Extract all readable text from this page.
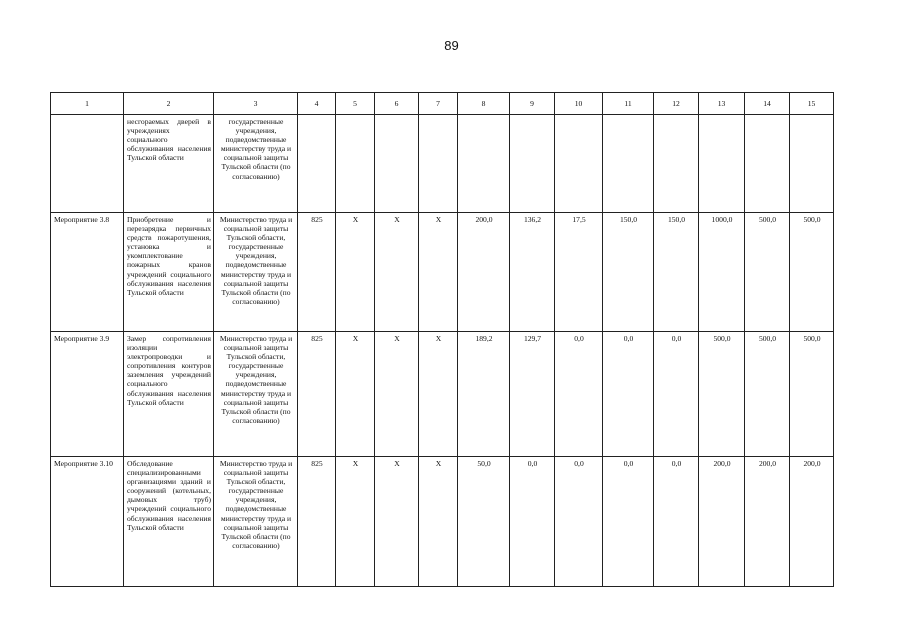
89
1	2	3	4	5	6	7	8	9	10	11	12	13	14	15
	несгораемых дверей в учреждениях социального обслуживания населения Тульской области	государственные учреждения, подведомственные министерству труда и социальной защиты Тульской области (по согласованию)												
Мероприятие 3.8	Приобретение и перезарядка первичных средств пожаротушения, установка и укомплектование пожарных кранов учреждений социального обслуживания населения Тульской области	Министерство труда и социальной защиты Тульской области, государственные учреждения, подведомственные министерству труда и социальной защиты Тульской области (по согласованию)	825	X	X	X	200,0	136,2	17,5	150,0	150,0	1000,0	500,0	500,0
Мероприятие 3.9	Замер сопротивления изоляции электропроводки и сопротивления контуров заземления учреждений социального обслуживания населения Тульской области	Министерство труда и социальной защиты Тульской области, государственные учреждения, подведомственные министерству труда и социальной защиты Тульской области (по согласованию)	825	X	X	X	189,2	129,7	0,0	0,0	0,0	500,0	500,0	500,0
Мероприятие 3.10	Обследование специализированными организациями зданий и сооружений (котельных, дымовых труб) учреждений социального обслуживания населения Тульской области	Министерство труда и социальной защиты Тульской области, государственные учреждения, подведомственные министерству труда и социальной защиты Тульской области (по согласованию)	825	X	X	X	50,0	0,0	0,0	0,0	0,0	200,0	200,0	200,0
